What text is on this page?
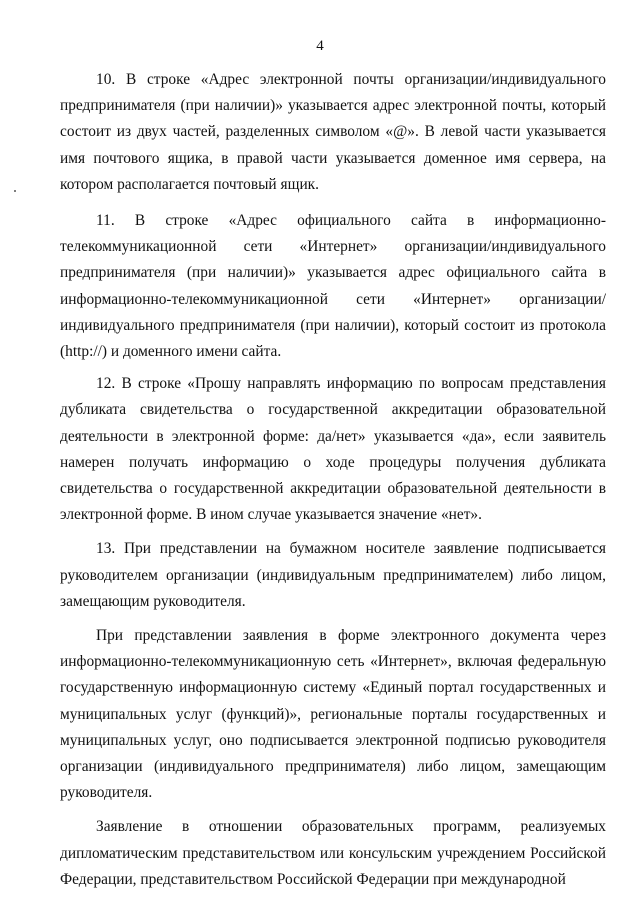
4

10. В строке «Адрес электронной почты организации/индивидуального предпринимателя (при наличии)» указывается адрес электронной почты, который состоит из двух частей, разделенных символом «@». В левой части указывается имя почтового ящика, в правой части указывается доменное имя сервера, на котором располагается почтовый ящик.

11. В строке «Адрес официального сайта в информационно-телекоммуникационной сети «Интернет» организации/индивидуального предпринимателя (при наличии)» указывается адрес официального сайта в информационно-телекоммуникационной сети «Интернет» организации/ индивидуального предпринимателя (при наличии), который состоит из протокола (http://) и доменного имени сайта.

12. В строке «Прошу направлять информацию по вопросам представления дубликата свидетельства о государственной аккредитации образовательной деятельности в электронной форме: да/нет» указывается «да», если заявитель намерен получать информацию о ходе процедуры получения дубликата свидетельства о государственной аккредитации образовательной деятельности в электронной форме. В ином случае указывается значение «нет».

13. При представлении на бумажном носителе заявление подписывается руководителем организации (индивидуальным предпринимателем) либо лицом, замещающим руководителя.

При представлении заявления в форме электронного документа через информационно-телекоммуникационную сеть «Интернет», включая федеральную государственную информационную систему «Единый портал государственных и муниципальных услуг (функций)», региональные порталы государственных и муниципальных услуг, оно подписывается электронной подписью руководителя организации (индивидуального предпринимателя) либо лицом, замещающим руководителя.

Заявление в отношении образовательных программ, реализуемых дипломатическим представительством или консульским учреждением Российской Федерации, представительством Российской Федерации при международной
